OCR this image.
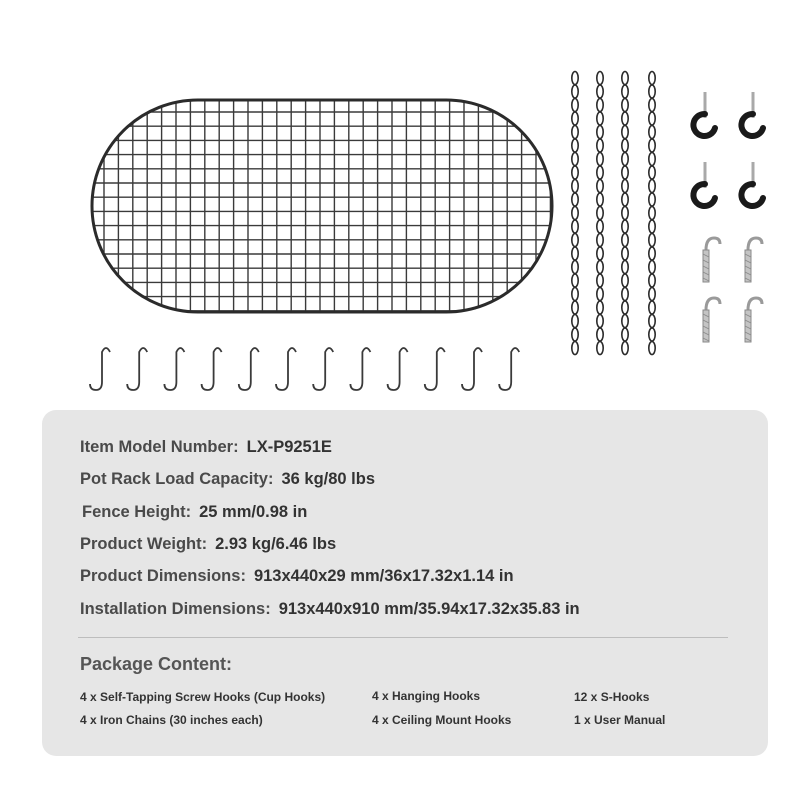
Item Model Number: LX-P9251E
Pot Rack Load Capacity: 36 kg/80 lbs
Fence Height: 25 mm/0.98 in
Product Weight: 2.93 kg/6.46 lbs
Product Dimensions: 913x440x29 mm/36x17.32x1.14 in
Installation Dimensions: 913x440x910 mm/35.94x17.32x35.83 in
Package Content:
4 x Self-Tapping Screw Hooks (Cup Hooks)	4 x Hanging Hooks	12 x S-Hooks
4 x Iron Chains (30 inches each)	4 x Ceiling Mount Hooks	1 x User Manual
